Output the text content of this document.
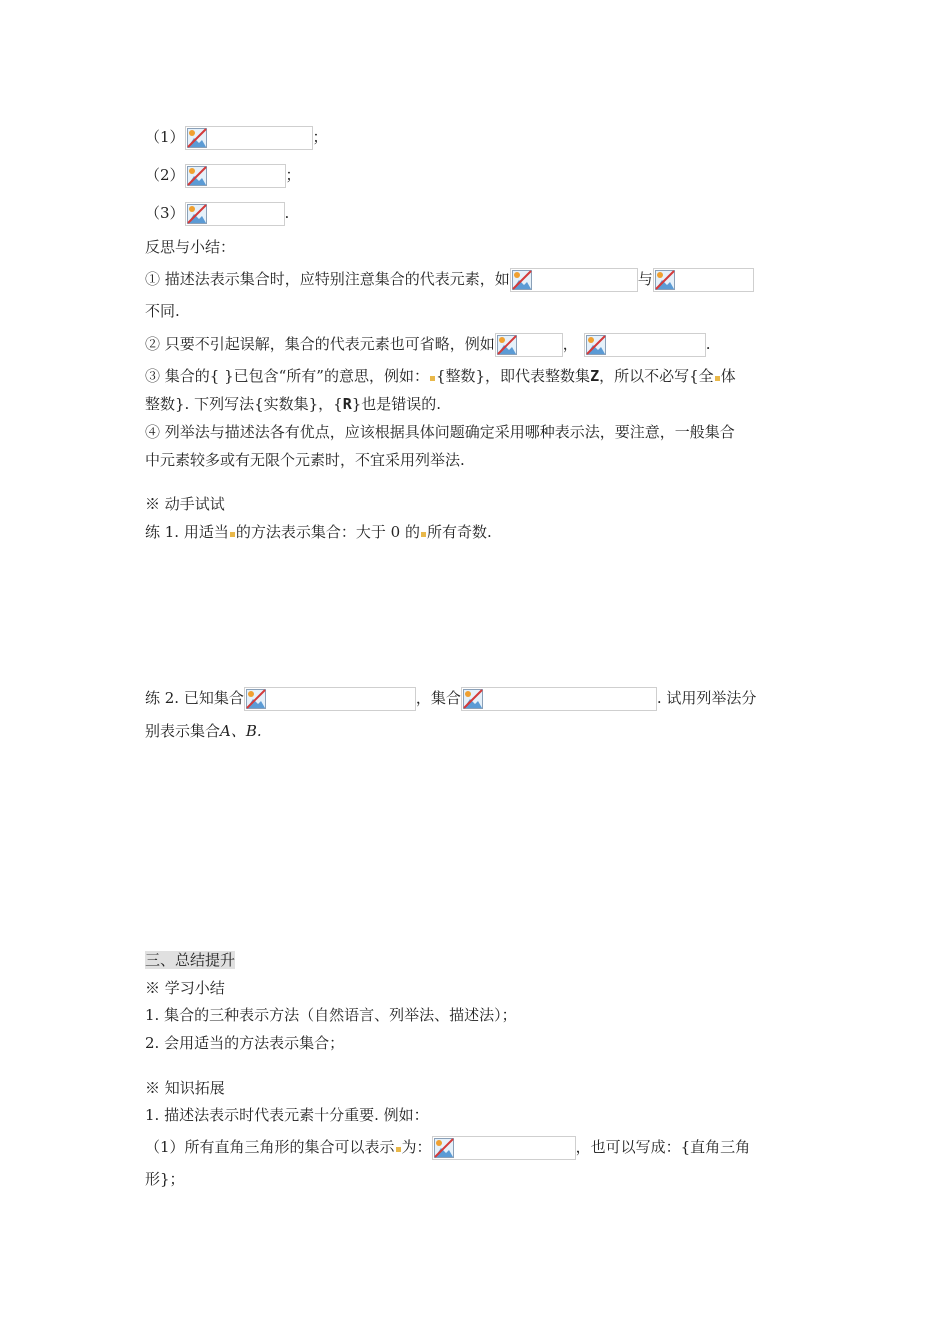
（1）	；
（2）	；
（3）	.
反思与小结：
① 描述法表示集合时，应特别注意集合的代表元素，如	与
不同.
② 只要不引起误解，集合的代表元素也可省略，例如	，	.
③ 集合的{ }已包含“所有”的意思，例如： {整数}，即代表整数集Z，所以不必写{全 体
整数}. 下列写法{实数集}，{R}也是错误的.
④ 列举法与描述法各有优点，应该根据具体问题确定采用哪种表示法，要注意，一般集合
中元素较多或有无限个元素时，不宜采用列举法.
※ 动手试试
练 1. 用适当 的方法表示集合：大于 0 的 所有奇数.
练 2. 已知集合	，集合	. 试用列举法分
别表示集合A、B.
三、总结提升
※ 学习小结
1. 集合的三种表示方法（自然语言、列举法、描述法）；
2. 会用适当的方法表示集合；
※ 知识拓展
1. 描述法表示时代表元素十分重要. 例如：
（1）所有直角三角形的集合可以表示 为：	，也可以写成：{直角三角
形}；
